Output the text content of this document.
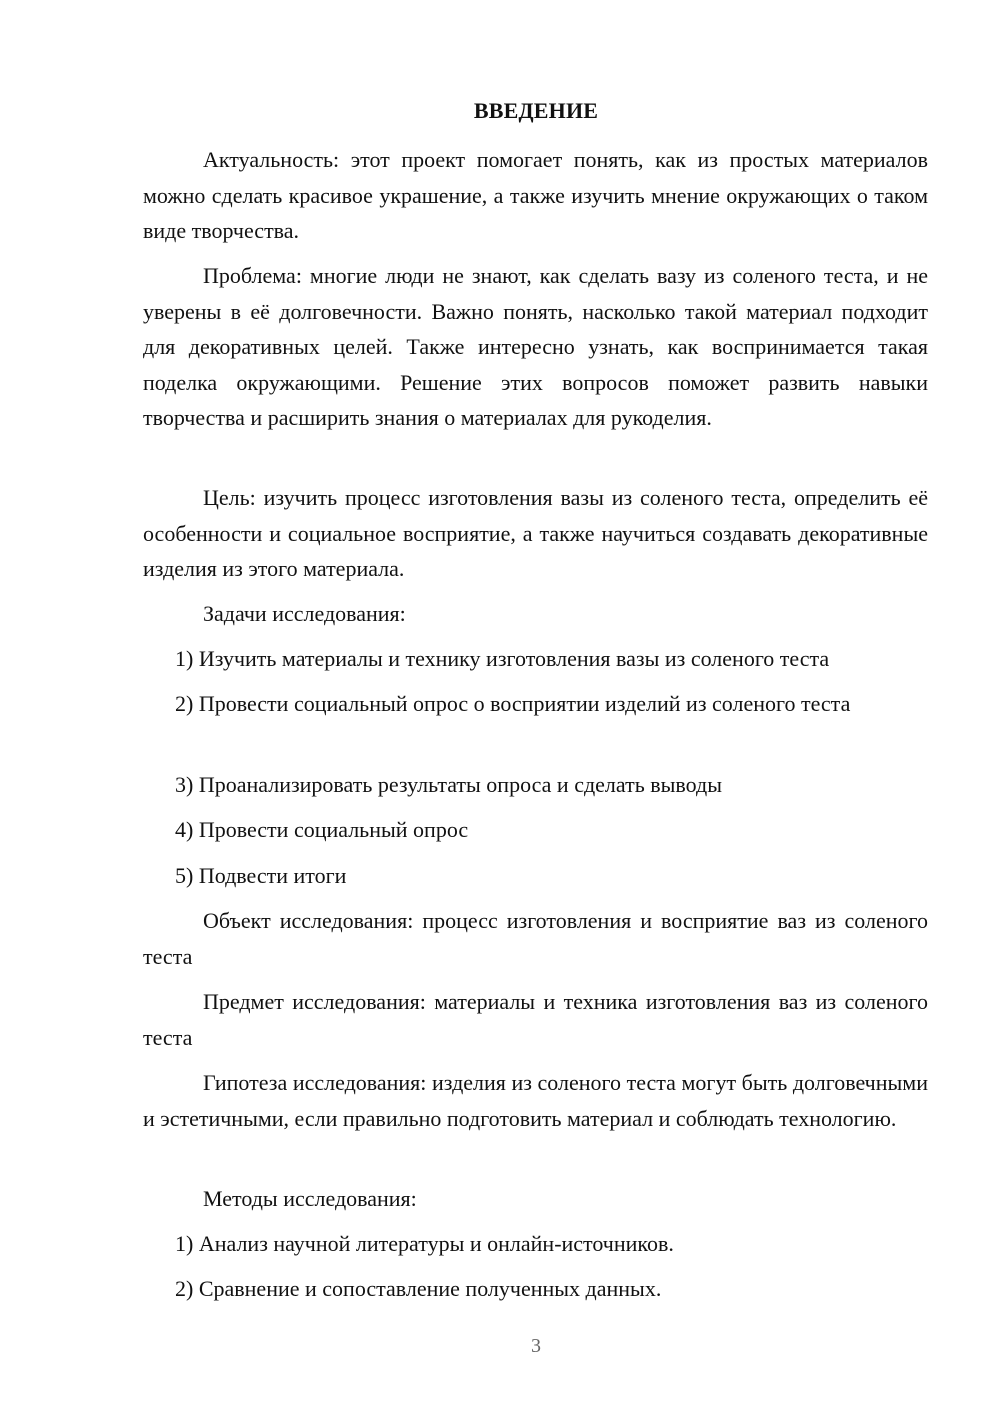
ВВЕДЕНИЕ

Актуальность: этот проект помогает понять, как из простых материалов можно сделать красивое украшение, а также изучить мнение окружающих о таком виде творчества.

Проблема: многие люди не знают, как сделать вазу из соленого теста, и не уверены в её долговечности. Важно понять, насколько такой материал подходит для декоративных целей. Также интересно узнать, как воспринимается такая поделка окружающими. Решение этих вопросов поможет развить навыки творчества и расширить знания о материалах для рукоделия.

Цель: изучить процесс изготовления вазы из соленого теста, определить её особенности и социальное восприятие, а также научиться создавать декоративные изделия из этого материала.

Задачи исследования:

1) Изучить материалы и технику изготовления вазы из соленого теста

2) Провести социальный опрос о восприятии изделий из соленого теста

3) Проанализировать результаты опроса и сделать выводы

4) Провести социальный опрос

5) Подвести итоги

Объект исследования: процесс изготовления и восприятие ваз из соленого теста

Предмет исследования: материалы и техника изготовления ваз из соленого теста

Гипотеза исследования: изделия из соленого теста могут быть долговечными и эстетичными, если правильно подготовить материал и соблюдать технологию.

Методы исследования:

1) Анализ научной литературы и онлайн-источников.

2) Сравнение и сопоставление полученных данных.

3
